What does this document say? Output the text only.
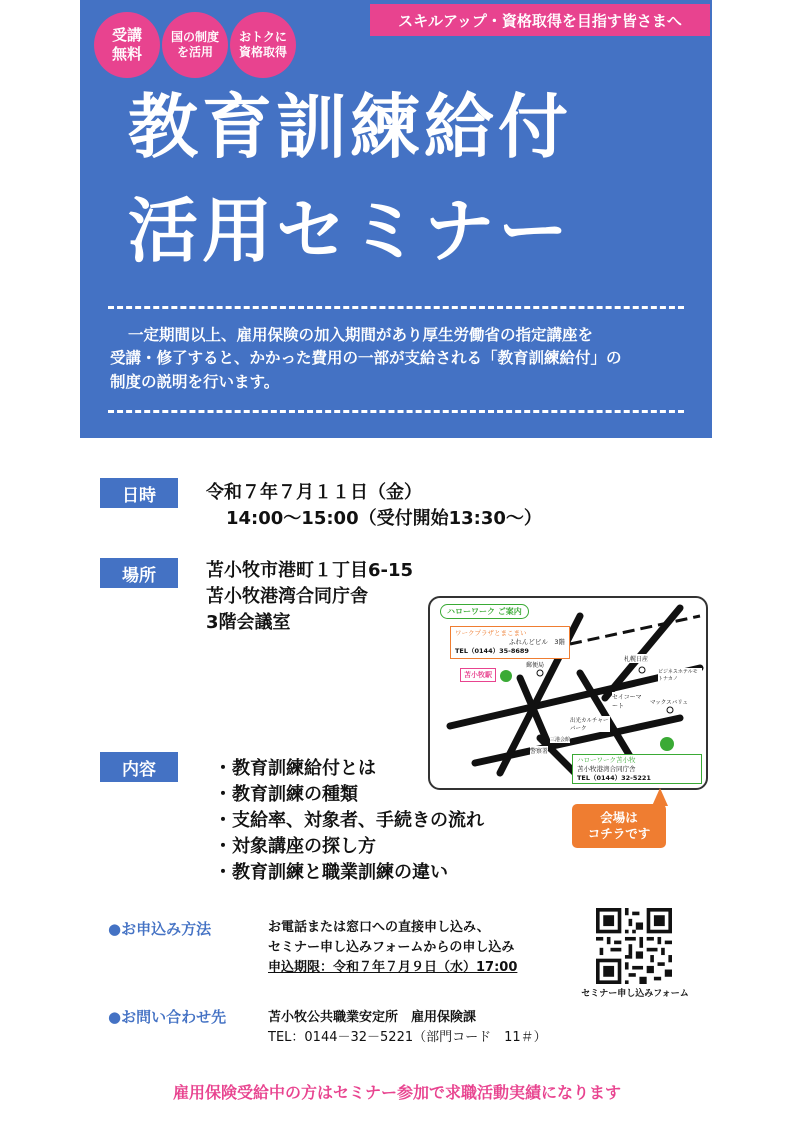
スキルアップ・資格取得を目指す皆さまへ
受講
無料
国の制度
を活用
おトクに
資格取得
教育訓練給付
活用セミナー
一定期間以上、雇用保険の加入期間があり厚生労働省の指定講座を
受講・修了すると、かかった費用の一部が支給される「教育訓練給付」の
制度の説明を行います。
日時	令和７年７月１１日（金）
14:00～15:00（受付開始13:30～）
場所	苫小牧市港町１丁目6-15
苫小牧港湾合同庁舎
3階会議室
ハローワーク ご案内
ワークプラザとまこまい
ふれんどビル　3階
TEL（0144）35-8689
苫小牧駅
郵便局
札幌日産
セイコーマート
出光カルチャーパーク
マックスバリュ
警察署
ビジネスホテルモトナカノ
三港会館
ハローワーク苫小牧
苫小牧港湾合同庁舎
TEL（0144）32-5221
会場は
コチラです
内容	・教育訓練給付とは
・教育訓練の種類
・支給率、対象者、手続きの流れ
・対象講座の探し方
・教育訓練と職業訓練の違い
●お申込み方法	お電話または窓口への直接申し込み、
セミナー申し込みフォームからの申し込み
申込期限：令和７年７月９日（水）17:00
セミナー申し込みフォーム
●お問い合わせ先	苫小牧公共職業安定所　雇用保険課
TEL：0144－32－5221（部門コード　11＃）
雇用保険受給中の方はセミナー参加で求職活動実績になります
